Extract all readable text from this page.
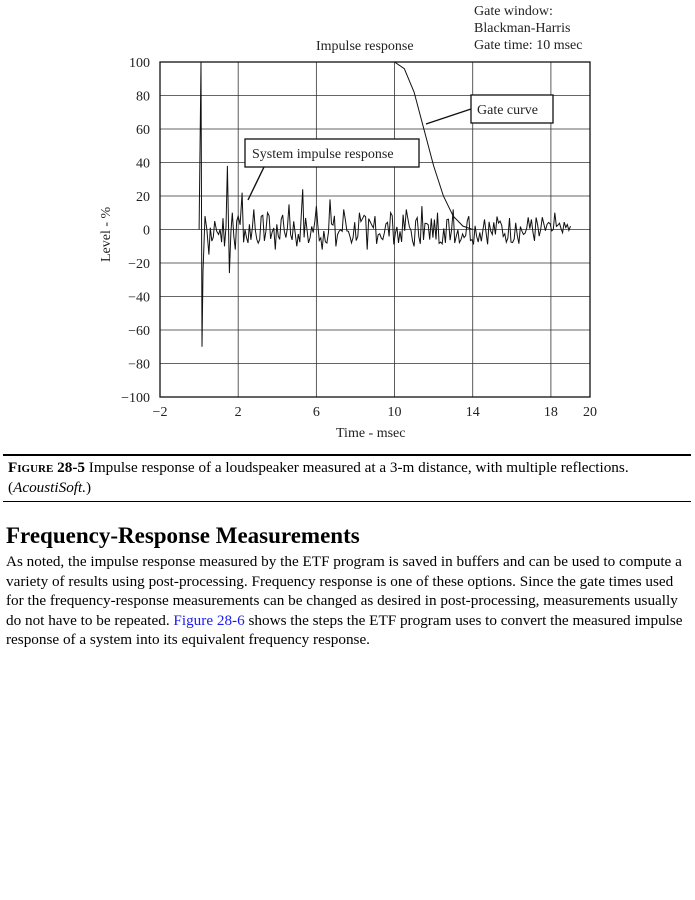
100
80
60
40
20
0
−20
−40
−60
−80
−100
−2	2	6	10	14	18 20
Impulse response
Gate window:
Blackman-Harris
Gate time: 10 msec
Gate curve
System impulse response
Time - msec
Level - %
Figure 28-5 Impulse response of a loudspeaker measured at a 3-m distance, with multiple reflections. (AcoustiSoft.)
Frequency-Response Measurements

As noted, the impulse response measured by the ETF program is saved in buffers and can be used to compute a variety of results using post-processing. Frequency response is one of these options. Since the gate times used for the frequency-response measurements can be changed as desired in post-processing, measurements usually do not have to be repeated. Figure 28-6 shows the steps the ETF program uses to convert the measured impulse response of a system into its equivalent frequency response.
